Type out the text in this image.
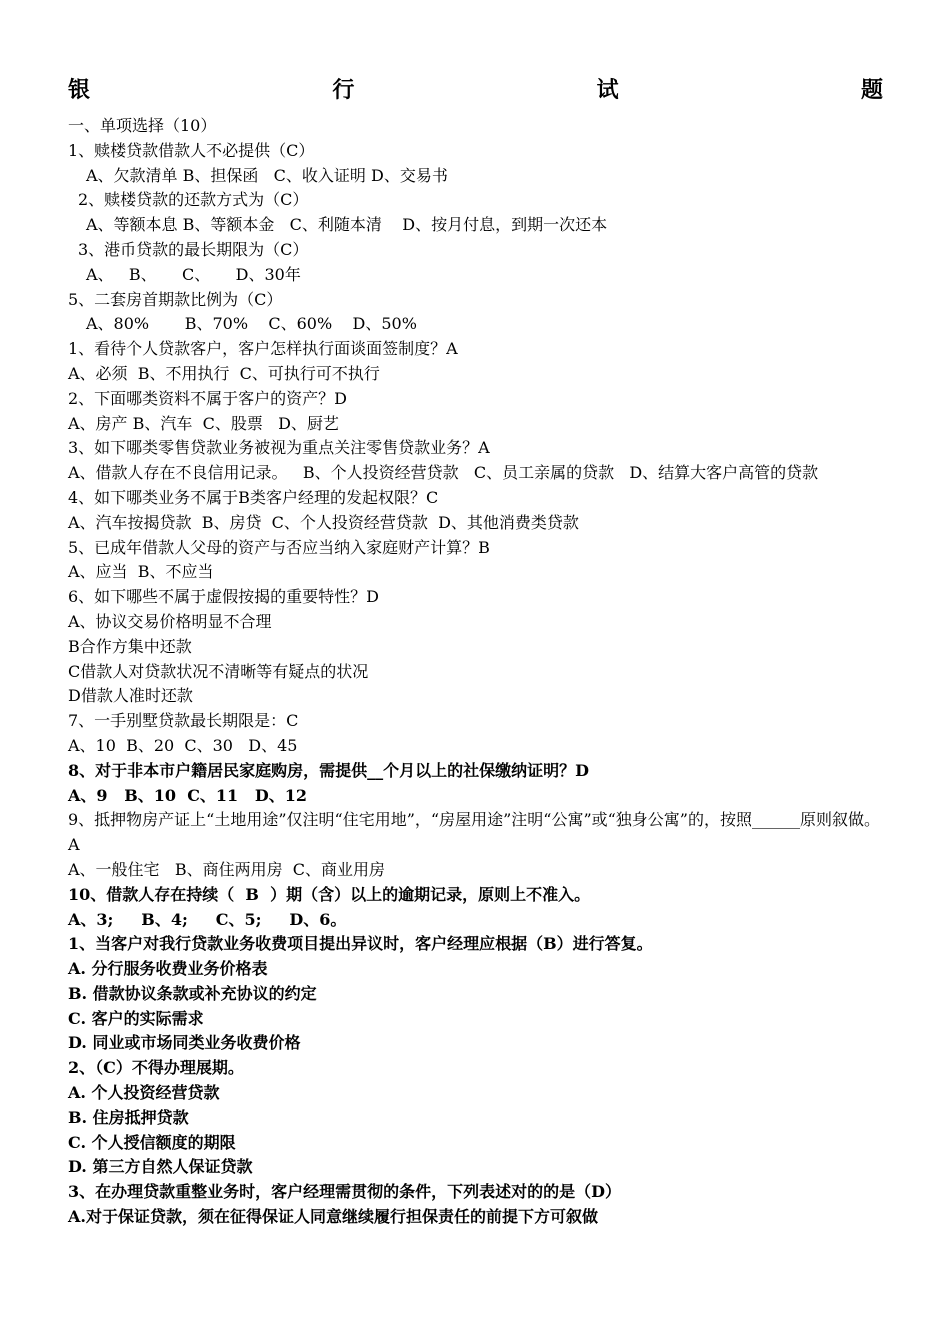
银	行	试	题
一、单项选择（10）
1、赎楼贷款借款人不必提供（C）
A、欠款清单 B、担保函   C、收入证明 D、交易书
2、赎楼贷款的还款方式为（C）
A、等额本息 B、等额本金   C、利随本清    D、按月付息，到期一次还本
3、港币贷款的最长期限为（C）
A、   B、     C、     D、30年
5、二套房首期款比例为（C）
A、80%       B、70%    C、60%    D、50%
1、看待个人贷款客户，客户怎样执行面谈面签制度？A
A、必须  B、不用执行  C、可执行可不执行
2、下面哪类资料不属于客户的资产？D
A、房产 B、汽车  C、股票   D、厨艺
3、如下哪类零售贷款业务被视为重点关注零售贷款业务？A
A、借款人存在不良信用记录。   B、个人投资经营贷款   C、员工亲属的贷款   D、结算大客户高管的贷款
4、如下哪类业务不属于B类客户经理的发起权限？C
A、汽车按揭贷款  B、房贷  C、个人投资经营贷款  D、其他消费类贷款
5、已成年借款人父母的资产与否应当纳入家庭财产计算？B
A、应当  B、不应当
6、如下哪些不属于虚假按揭的重要特性？D
A、协议交易价格明显不合理
B合作方集中还款
C借款人对贷款状况不清晰等有疑点的状况
D借款人准时还款
7、一手别墅贷款最长期限是：C
A、10  B、20  C、30   D、45
8、对于非本市户籍居民家庭购房，需提供__个月以上的社保缴纳证明？D
A、9   B、10  C、11   D、12
9、抵押物房产证上“土地用途”仅注明“住宅用地”，“房屋用途”注明“公寓”或“独身公寓”的，按照______原则叙做。A
A、一般住宅   B、商住两用房  C、商业用房
10、借款人存在持续（  B  ）期（含）以上的逾期记录，原则上不准入。
A、3;     B、4;     C、5;     D、6。
1、当客户对我行贷款业务收费项目提出异议时，客户经理应根据（B）进行答复。
A. 分行服务收费业务价格表
B. 借款协议条款或补充协议的约定
C. 客户的实际需求
D. 同业或市场同类业务收费价格
2、（C）不得办理展期。
A. 个人投资经营贷款
B. 住房抵押贷款
C. 个人授信额度的期限
D. 第三方自然人保证贷款
3、在办理贷款重整业务时，客户经理需贯彻的条件，下列表述对的的是（D）
A.对于保证贷款，须在征得保证人同意继续履行担保责任的前提下方可叙做
